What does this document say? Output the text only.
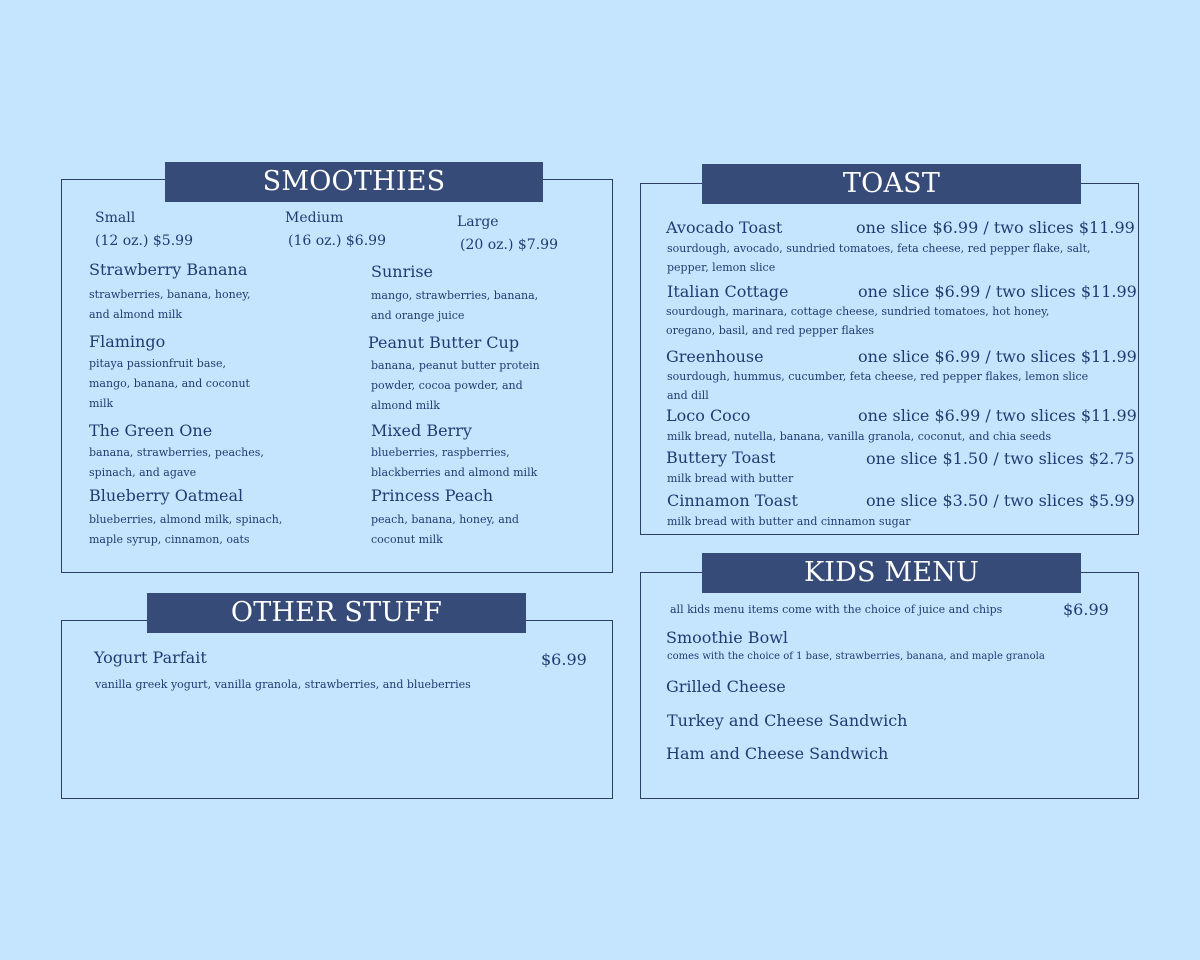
SMOOTHIES
Small
(12 oz.) $5.99
Medium
(16 oz.) $6.99
Large
(20 oz.) $7.99
Strawberry Banana
strawberries, banana, honey, and almond milk
Flamingo
pitaya passionfruit base, mango, banana, and coconut milk
The Green One
banana, strawberries, peaches, spinach, and agave
Blueberry Oatmeal
blueberries, almond milk, spinach, maple syrup, cinnamon, oats
Sunrise
mango, strawberries, banana, and orange juice
Peanut Butter Cup
banana, peanut butter protein powder, cocoa powder, and almond milk
Mixed Berry
blueberries, raspberries, blackberries and almond milk
Princess Peach
peach, banana, honey, and coconut milk
OTHER STUFF
Yogurt Parfait	$6.99
vanilla greek yogurt, vanilla granola, strawberries, and blueberries
TOAST
Avocado Toast	one slice $6.99 / two slices $11.99
sourdough, avocado, sundried tomatoes, feta cheese, red pepper flake, salt, pepper, lemon slice
Italian Cottage	one slice $6.99 / two slices $11.99
sourdough, marinara, cottage cheese, sundried tomatoes, hot honey, oregano, basil, and red pepper flakes
Greenhouse	one slice $6.99 / two slices $11.99
sourdough, hummus, cucumber, feta cheese, red pepper flakes, lemon slice and dill
Loco Coco	one slice $6.99 / two slices $11.99
milk bread, nutella, banana, vanilla granola, coconut, and chia seeds
Buttery Toast	one slice $1.50 / two slices $2.75
milk bread with butter
Cinnamon Toast	one slice $3.50 / two slices $5.99
milk bread with butter and cinnamon sugar
KIDS MENU
all kids menu items come with the choice of juice and chips	$6.99
Smoothie Bowl
comes with the choice of 1 base, strawberries, banana, and maple granola
Grilled Cheese
Turkey and Cheese Sandwich
Ham and Cheese Sandwich
